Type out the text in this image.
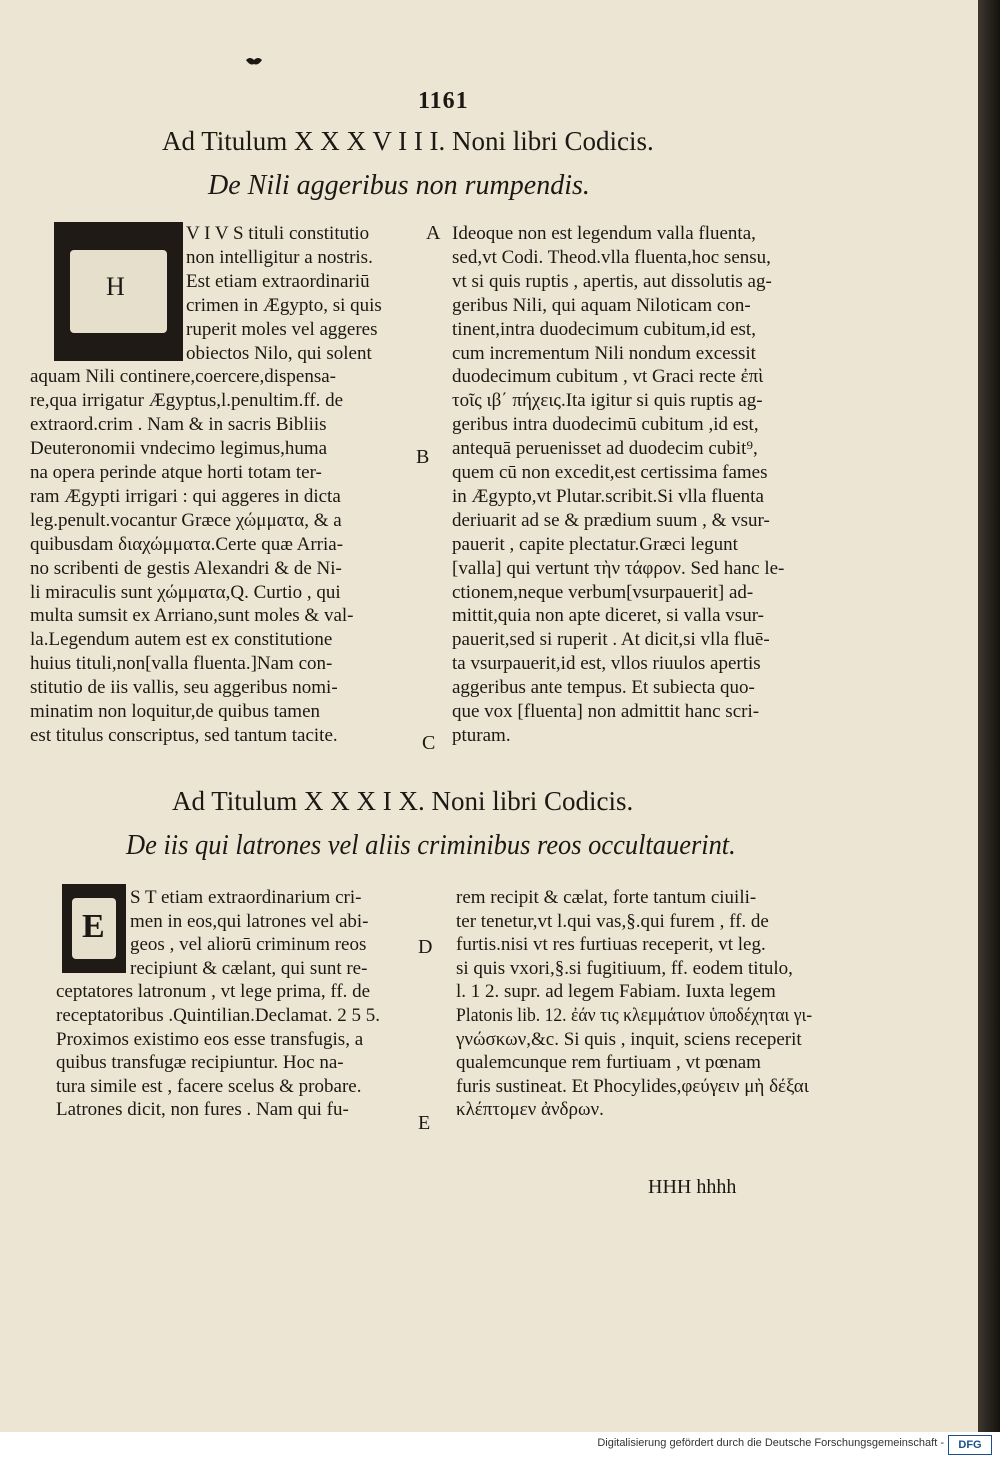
1161
Ad Titulum X X X V I I I. Noni libri Codicis.
De Nili aggeribus non rumpendis.
H
V I V S tituli constitutio
non intelligitur a nostris.
Est etiam extraordinariū
crimen in Ægypto, si quis
ruperit moles vel aggeres
obiectos Nilo, qui solent
aquam Nili continere,coercere,dispensa-
re,qua irrigatur Ægyptus,l.penultim.ff. de
extraord.crim . Nam & in sacris Bibliis
Deuteronomii vndecimo legimus,huma
na opera perinde atque horti totam ter-
ram Ægypti irrigari : qui aggeres in dicta
leg.penult.vocantur Græce χώμματα, & a
quibusdam διαχώμματα.Certe quæ Arria-
no scribenti de gestis Alexandri & de Ni-
li miraculis sunt χώμματα,Q. Curtio , qui
multa sumsit ex Arriano,sunt moles & val-
la.Legendum autem est ex constitutione
huius tituli,non[valla fluenta.]Nam con-
stitutio de iis vallis, seu aggeribus nomi-
minatim non loquitur,de quibus tamen
est titulus conscriptus, sed tantum tacite.
Ideoque non est legendum valla fluenta,
sed,vt Codi. Theod.vlla fluenta,hoc sensu,
vt si quis ruptis , apertis, aut dissolutis ag-
geribus Nili, qui aquam Niloticam con-
tinent,intra duodecimum cubitum,id est,
cum incrementum Nili nondum excessit
duodecimum cubitum , vt Graci recte ἐπὶ
τοῖς ιβ΄ πήχεις.Ita igitur si quis ruptis ag-
geribus intra duodecimū cubitum ,id est,
antequā peruenisset ad duodecim cubit⁹,
quem cū non excedit,est certissima fames
in Ægypto,vt Plutar.scribit.Si vlla fluenta
deriuarit ad se & prædium suum , & vsur-
pauerit , capite plectatur.Græci legunt
[valla] qui vertunt τὴν τάφρον. Sed hanc le-
ctionem,neque verbum[vsurpauerit] ad-
mittit,quia non apte diceret, si valla vsur-
pauerit,sed si ruperit . At dicit,si vlla fluē-
ta vsurpauerit,id est, vllos riuulos apertis
aggeribus ante tempus. Et subiecta quo-
que vox [fluenta] non admittit hanc scri-
pturam.
Ad Titulum X X X I X. Noni libri Codicis.
De iis qui latrones vel aliis criminibus reos occultauerint.
E
S T etiam extraordinarium cri-
men in eos,qui latrones vel abi-
geos , vel aliorū criminum reos
recipiunt & cælant, qui sunt re-
ceptatores latronum , vt lege prima, ff. de
receptatoribus .Quintilian.Declamat. 2 5 5.
Proximos existimo eos esse transfugis, a
quibus transfugæ recipiuntur. Hoc na-
tura simile est , facere scelus & probare.
Latrones dicit, non fures . Nam qui fu-
rem recipit & cælat, forte tantum ciuili-
ter tenetur,vt l.qui vas,§.qui furem , ff. de
furtis.nisi vt res furtiuas receperit, vt leg.
si quis vxori,§.si fugitiuum, ff. eodem titulo,
l. 1 2. supr. ad legem Fabiam. Iuxta legem
Platonis lib. 12. ἐάν τις κλεμμάτιον ὑποδέχηται γι-
γνώσκων,&c. Si quis , inquit, sciens receperit
qualemcunque rem furtiuam , vt pœnam
furis sustineat. Et Phocylides,φεύγειν μὴ δέξαι
κλέπτομεν ἀνδρων.
A
B
C
D
E
HHH hhhh
Digitalisierung gefördert durch die Deutsche Forschungsgemeinschaft -	DFG
